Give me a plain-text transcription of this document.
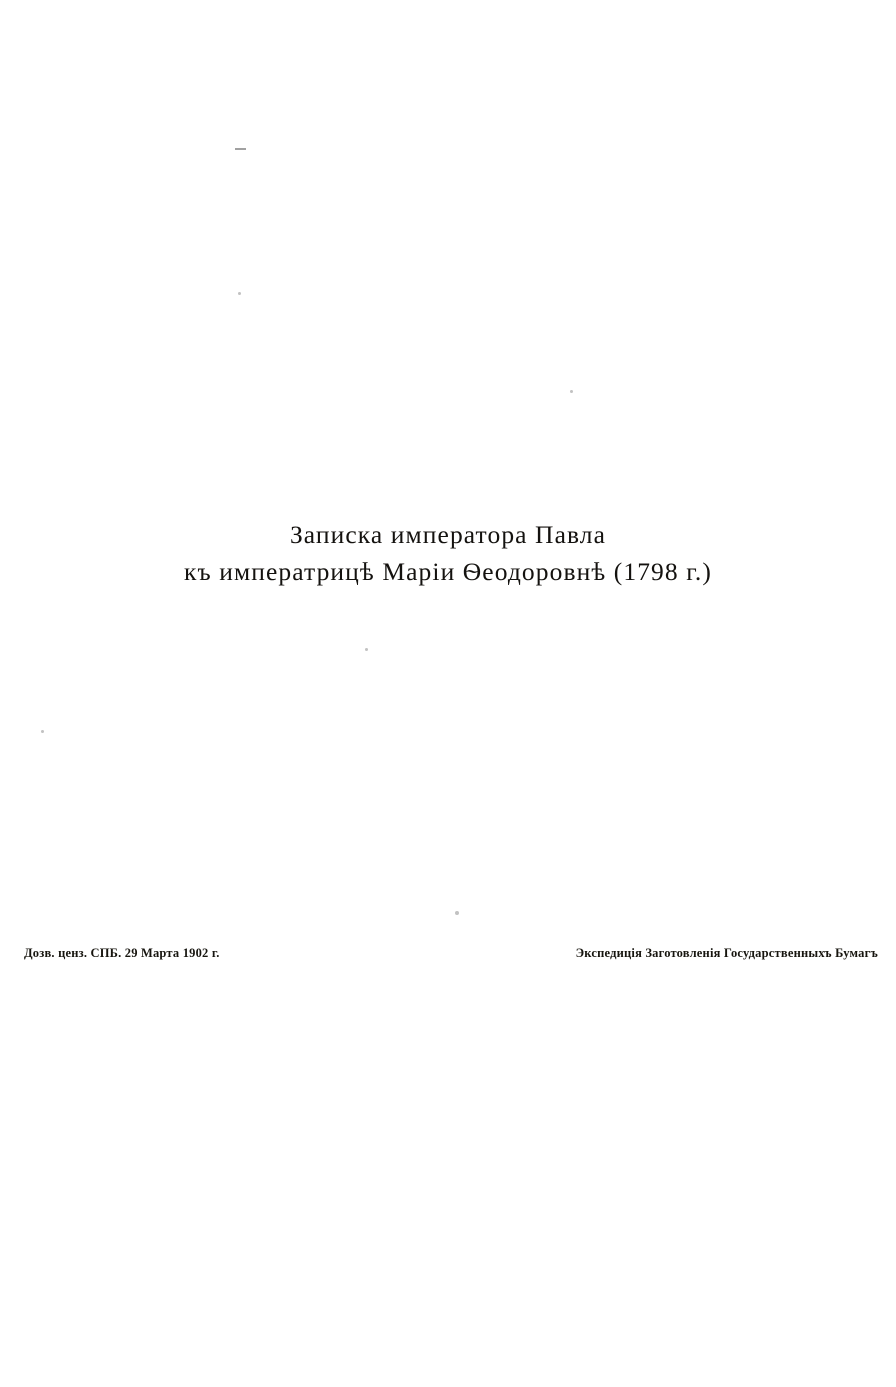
Записка императора Павла
къ императрицѣ Маріи Ѳеодоровнѣ (1798 г.)
Дозв. ценз. СПБ. 29 Марта 1902 г.	Экспедиція Заготовленія Государственныхъ Бумагъ
